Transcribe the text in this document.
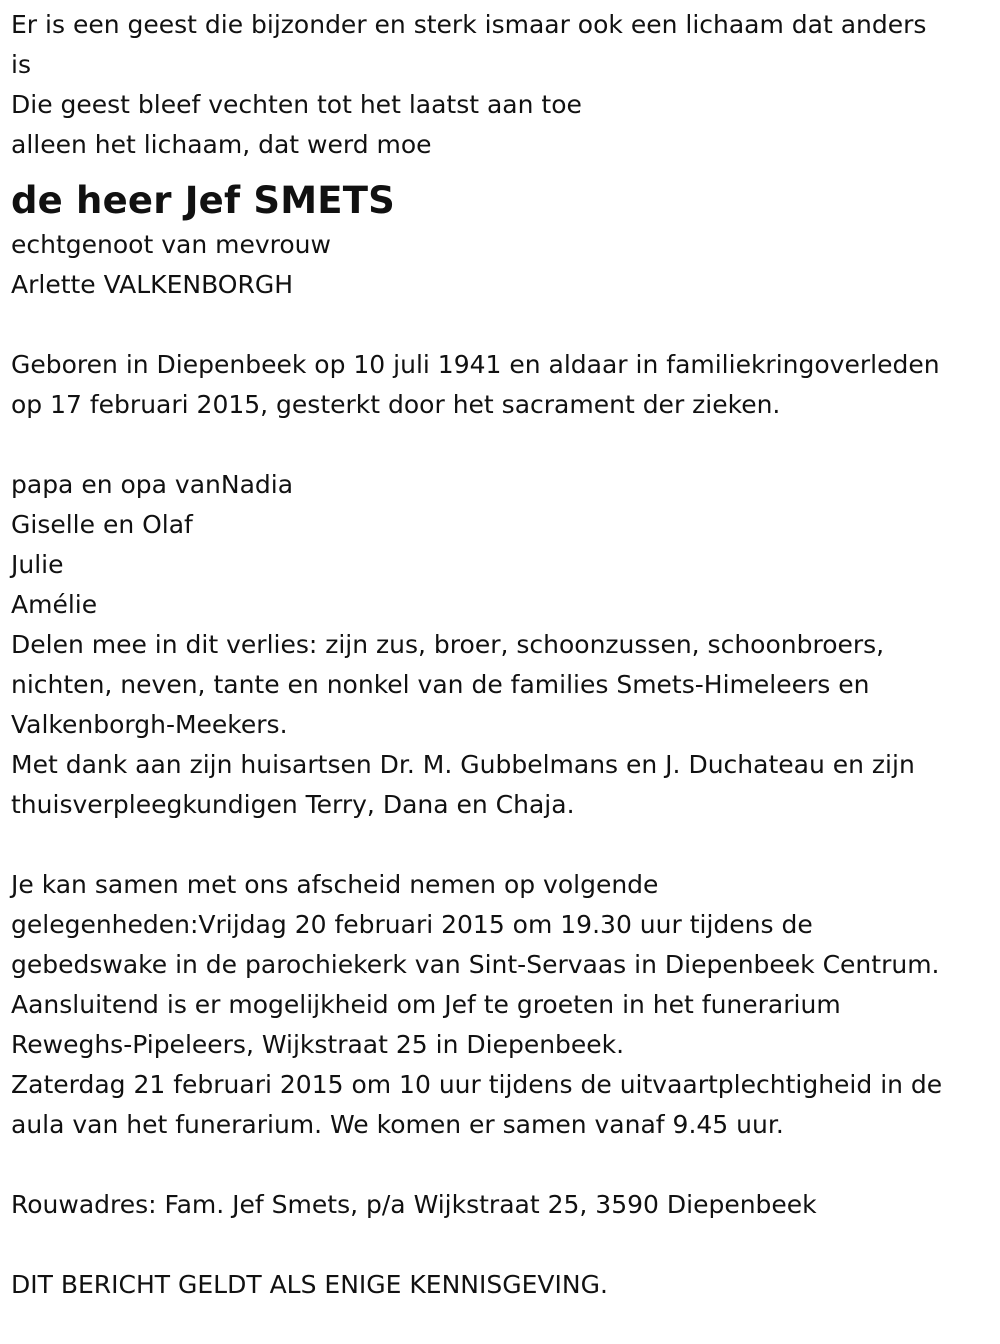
Er is een geest die bijzonder en sterk ismaar ook een lichaam dat anders
is
Die geest bleef vechten tot het laatst aan toe
alleen het lichaam, dat werd moe
de heer Jef SMETS
echtgenoot van mevrouw
Arlette VALKENBORGH
Geboren in Diepenbeek op 10 juli 1941 en aldaar in familiekringoverleden
op 17 februari 2015, gesterkt door het sacrament der zieken.
papa en opa vanNadia
Giselle en Olaf
Julie
Amélie
Delen mee in dit verlies: zijn zus, broer, schoonzussen, schoonbroers,
nichten, neven, tante en nonkel van de families Smets-Himeleers en
Valkenborgh-Meekers.
Met dank aan zijn huisartsen Dr. M. Gubbelmans en J. Duchateau en zijn
thuisverpleegkundigen Terry, Dana en Chaja.
Je kan samen met ons afscheid nemen op volgende
gelegenheden:Vrijdag 20 februari 2015 om 19.30 uur tijdens de
gebedswake in de parochiekerk van Sint-Servaas in Diepenbeek Centrum.
Aansluitend is er mogelijkheid om Jef te groeten in het funerarium
Reweghs-Pipeleers, Wijkstraat 25 in Diepenbeek.
Zaterdag 21 februari 2015 om 10 uur tijdens de uitvaartplechtigheid in de
aula van het funerarium. We komen er samen vanaf 9.45 uur.
Rouwadres: Fam. Jef Smets, p/a Wijkstraat 25, 3590 Diepenbeek
DIT BERICHT GELDT ALS ENIGE KENNISGEVING.
